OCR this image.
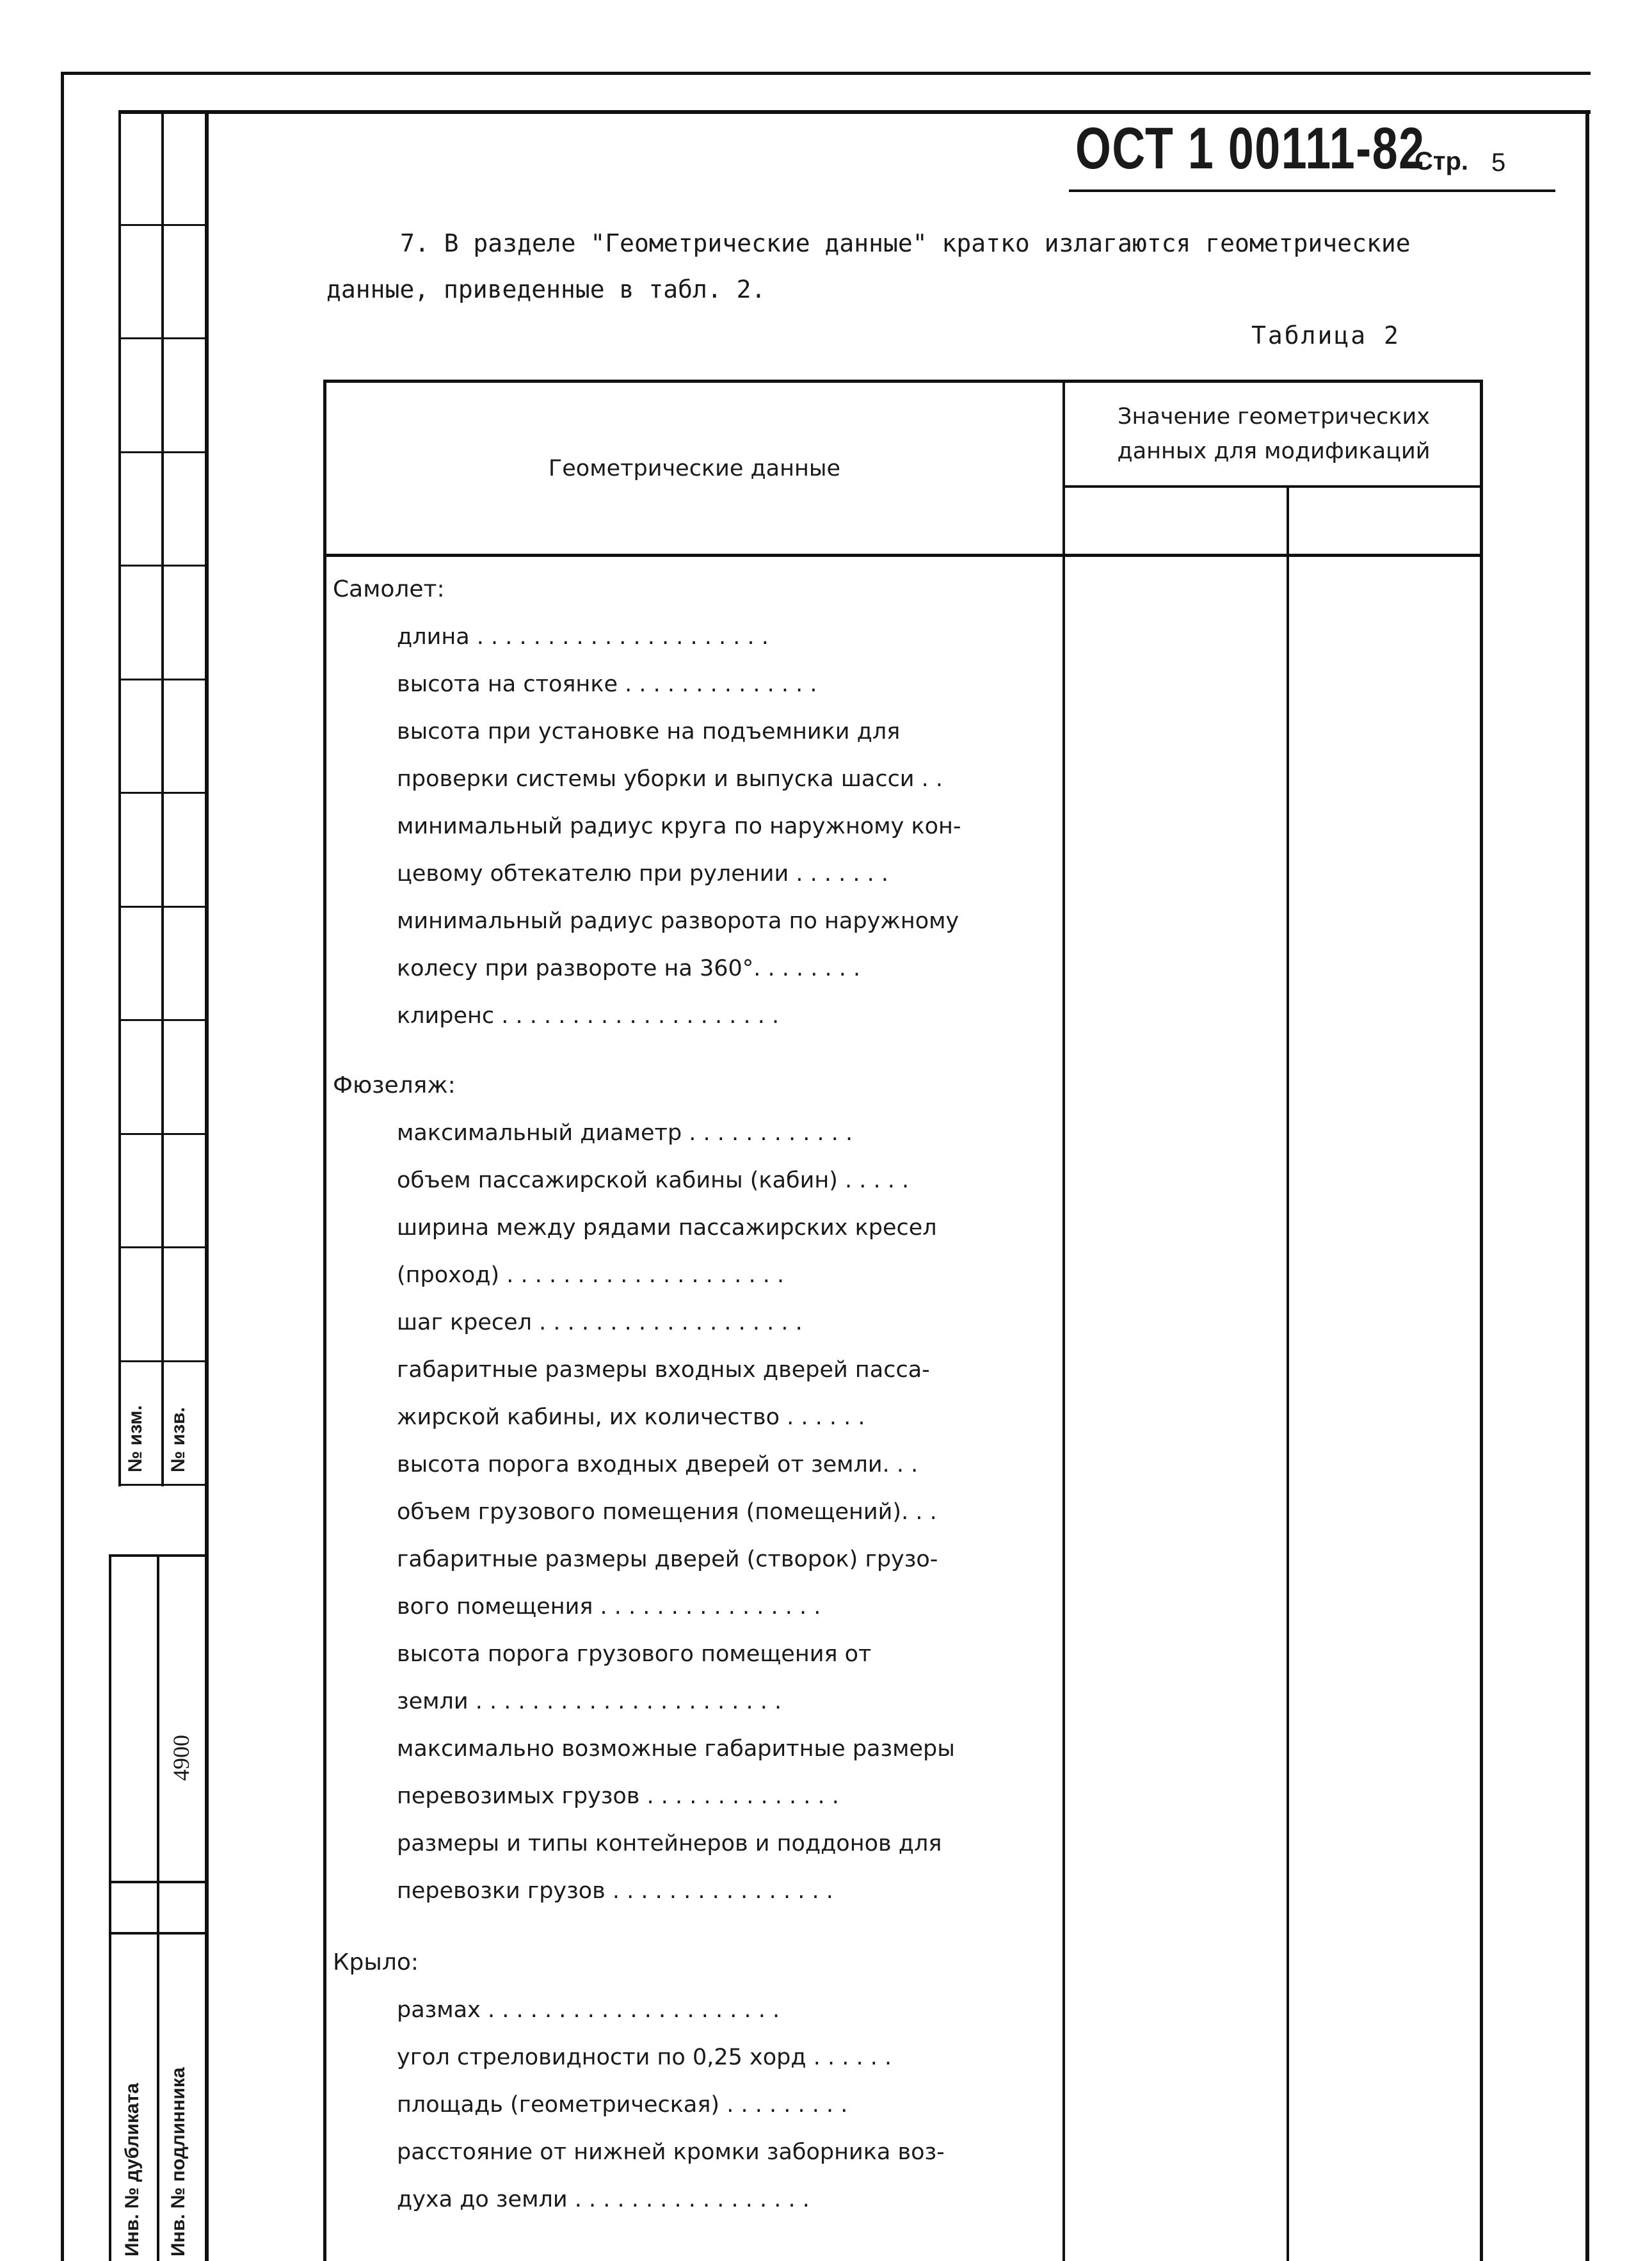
№ изм. № изв.
4900
Инв. № дубликата Инв. № подлинника
ОСТ 1 00111-82
Стр. 5
7. В разделе "Геометрические данные" кратко излагаются геометрические
данные, приведенные в табл. 2.
Таблица 2
Геометрические данные
Значение геометрических данных для модификаций
Самолет:
длина . . . . . . . . . . . . . . . . . . . . .
высота на стоянке . . . . . . . . . . . . . .
высота при установке на подъемники для
проверки системы уборки и выпуска шасси . .
минимальный радиус круга по наружному кон-
цевому обтекателю при рулении . . . . . . .
минимальный радиус разворота по наружному
колесу при развороте на 360°. . . . . . . .
клиренс . . . . . . . . . . . . . . . . . . . .
Фюзеляж:
максимальный диаметр . . . . . . . . . . . .
объем пассажирской кабины (кабин) . . . . .
ширина между рядами пассажирских кресел
(проход) . . . . . . . . . . . . . . . . . . . .
шаг кресел . . . . . . . . . . . . . . . . . . .
габаритные размеры входных дверей пасса-
жирской кабины, их количество . . . . . .
высота порога входных дверей от земли. . .
объем грузового помещения (помещений). . .
габаритные размеры дверей (створок) грузо-
вого помещения . . . . . . . . . . . . . . . .
высота порога грузового помещения от
земли . . . . . . . . . . . . . . . . . . . . . .
максимально возможные габаритные размеры
перевозимых грузов . . . . . . . . . . . . . .
размеры и типы контейнеров и поддонов для
перевозки грузов . . . . . . . . . . . . . . . .
Крыло:
размах . . . . . . . . . . . . . . . . . . . . .
угол стреловидности по 0,25 хорд . . . . . .
площадь (геометрическая) . . . . . . . . .
расстояние от нижней кромки заборника воз-
духа до земли . . . . . . . . . . . . . . . . .
